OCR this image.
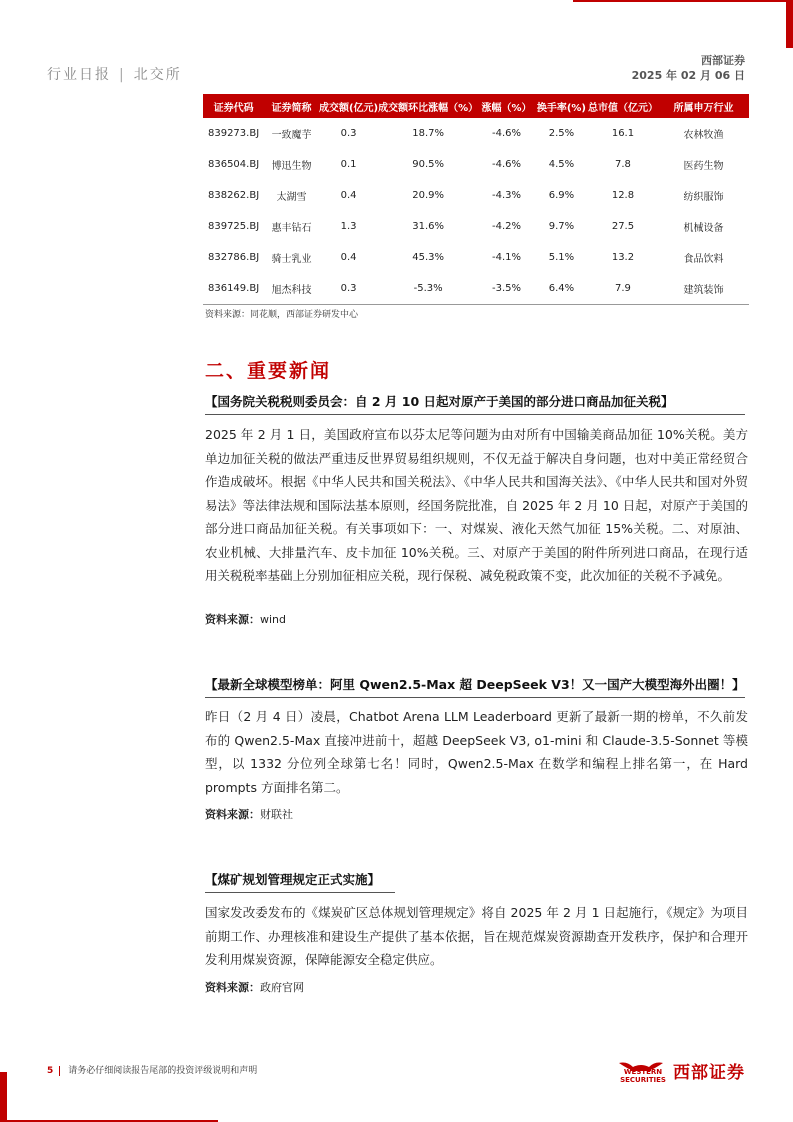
行业日报 | 北交所
西部证券
2025 年 02 月 06 日
证券代码	证券简称	成交额(亿元)	成交额环比涨幅（%）	涨幅（%）	换手率(%)	总市值（亿元）	所属申万行业
839273.BJ	一致魔芋	0.3	18.7%	-4.6%	2.5%	16.1	农林牧渔
836504.BJ	博迅生物	0.1	90.5%	-4.6%	4.5%	7.8	医药生物
838262.BJ	太湖雪	0.4	20.9%	-4.3%	6.9%	12.8	纺织服饰
839725.BJ	惠丰钻石	1.3	31.6%	-4.2%	9.7%	27.5	机械设备
832786.BJ	骑士乳业	0.4	45.3%	-4.1%	5.1%	13.2	食品饮料
836149.BJ	旭杰科技	0.3	-5.3%	-3.5%	6.4%	7.9	建筑装饰
资料来源：同花顺，西部证券研发中心
二、重要新闻
【国务院关税税则委员会：自 2 月 10 日起对原产于美国的部分进口商品加征关税】

2025 年 2 月 1 日，美国政府宣布以芬太尼等问题为由对所有中国输美商品加征 10%关税。美方单边加征关税的做法严重违反世界贸易组织规则，不仅无益于解决自身问题，也对中美正常经贸合作造成破坏。根据《中华人民共和国关税法》、《中华人民共和国海关法》、《中华人民共和国对外贸易法》等法律法规和国际法基本原则，经国务院批准，自 2025 年 2 月 10 日起，对原产于美国的部分进口商品加征关税。有关事项如下：一、对煤炭、液化天然气加征 15%关税。二、对原油、农业机械、大排量汽车、皮卡加征 10%关税。三、对原产于美国的附件所列进口商品，在现行适用关税税率基础上分别加征相应关税，现行保税、减免税政策不变，此次加征的关税不予减免。

资料来源：wind
【最新全球模型榜单：阿里 Qwen2.5-Max 超 DeepSeek V3！又一国产大模型海外出圈！】

昨日（2 月 4 日）凌晨，Chatbot Arena LLM Leaderboard 更新了最新一期的榜单，不久前发布的 Qwen2.5-Max 直接冲进前十，超越 DeepSeek V3, o1-mini 和 Claude-3.5-Sonnet 等模型，以 1332 分位列全球第七名！同时，Qwen2.5-Max 在数学和编程上排名第一，在 Hard prompts 方面排名第二。

资料来源：财联社
【煤矿规划管理规定正式实施】

国家发改委发布的《煤炭矿区总体规划管理规定》将自 2025 年 2 月 1 日起施行，《规定》为项目前期工作、办理核准和建设生产提供了基本依据，旨在规范煤炭资源勘查开发秩序，保护和合理开发利用煤炭资源，保障能源安全稳定供应。

资料来源：政府官网
5 请务必仔细阅读报告尾部的投资评级说明和声明	WESTERN SECURITIES 西部证券
